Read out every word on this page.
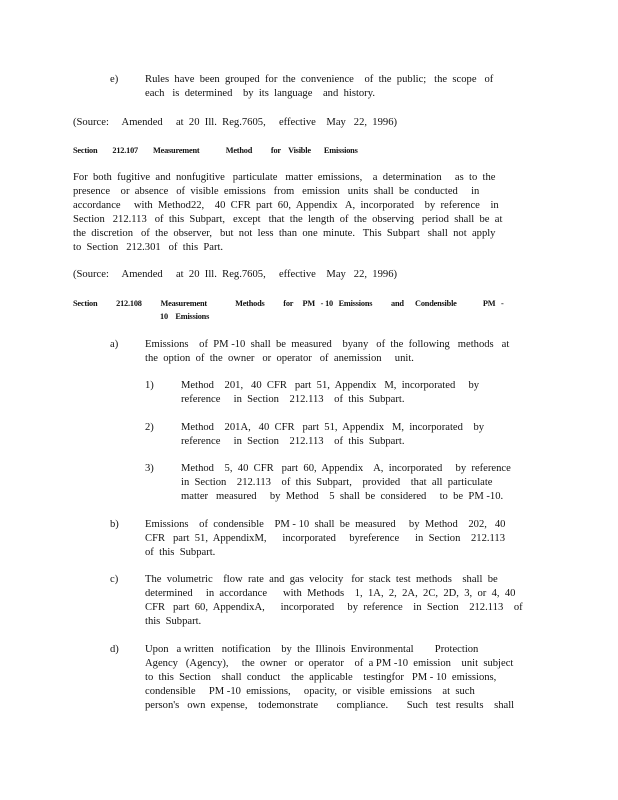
e)	Rules  have  been  grouped  for  the  convenience    of  the  public;   the  scope   of
each   is  determined    by  its  language    and  history.
(Source:     Amended     at  20  Ill.  Reg.7605,     effective    May   22,  1996)
Section        212.107        Measurement              Method          for    Visible       Emissions
For  both  fugitive  and  nonfugitive   particulate   matter  emissions,    a  determination     as  to  the
presence    or  absence   of  visible  emissions   from   emission   units  shall  be  conducted     in
accordance     with  Method22,    40  CFR  part  60,  Appendix   A,  incorporated    by  reference    in
Section   212.113   of  this  Subpart,   except   that  the  length  of  the  observing   period  shall  be  at
the  discretion   of  the  observer,   but  not  less  than  one  minute.   This  Subpart   shall  not  apply
to  Section   212.301   of  this  Part.
(Source:     Amended     at  20  Ill.  Reg.7605,     effective    May   22,  1996)
Section          212.108          Measurement               Methods          for     PM   - 10   Emissions          and      Condensible              PM   -
10    Emissions
a)	Emissions    of  PM -10  shall  be  measured    byany   of  the  following   methods   at
the  option  of  the  owner   or  operator   of  anemission     unit.
1)	Method    201,   40  CFR   part  51,  Appendix   M,  incorporated     by
reference     in  Section    212.113    of  this  Subpart.
2)	Method    201A,   40  CFR   part  51,  Appendix   M,  incorporated    by
reference     in  Section    212.113    of  this  Subpart.
3)	Method    5,  40  CFR   part  60,  Appendix    A,  incorporated     by  reference
in  Section    212.113    of  this  Subpart,    provided    that  all  particulate
matter   measured     by  Method    5  shall  be  considered     to  be  PM -10.
b) Emissions    of  condensible    PM - 10  shall  be  measured     by  Method    202,   40
CFR   part  51,  AppendixM,      incorporated     byreference      in  Section    212.113
of  this  Subpart.
c)	The  volumetric    flow  rate  and  gas  velocity   for  stack  test  methods    shall  be
determined     in  accordance      with  Methods    1,  1A,  2,  2A,  2C,  2D,  3,  or  4,  40
CFR   part  60,  AppendixA,      incorporated     by  reference    in  Section    212.113    of
this  Subpart.
d) Upon   a written   notification    by  the  Illinois  Environmental        Protection
Agency   (Agency),     the  owner   or  operator    of  a PM -10  emission    unit  subject
to  this  Section    shall  conduct    the  applicable    testingfor   PM - 10  emissions,
condensible     PM -10  emissions,     opacity,  or  visible  emissions    at  such
person's   own  expense,    todemonstrate       compliance.       Such   test  results    shall
